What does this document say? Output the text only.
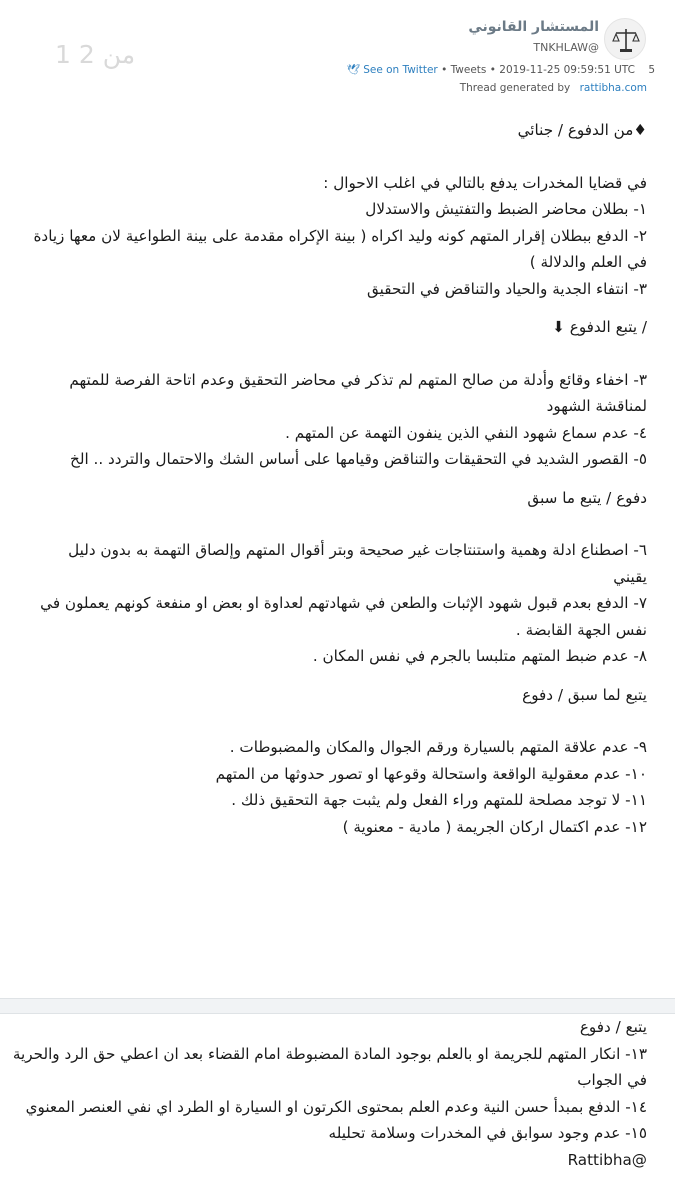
1 من 2
المستشار القانوني
TNKHLAW@
🕊 See on Twitter • Tweets • 2019-11-25 09:59:51 UTC 5
Thread generated by rattibha.com
♦من الدفوع / جنائي
في قضايا المخدرات يدفع بالتالي في اغلب الاحوال :
١- بطلان محاضر الضبط والتفتيش والاستدلال
٢- الدفع ببطلان إقرار المتهم كونه وليد اكراه ( بينة الإكراه مقدمة على بينة الطواعية لان معها زيادة في العلم والدلالة )
٣- انتفاء الجدية والحياد والتناقض في التحقيق
/ يتبع الدفوع ⬇
٣- اخفاء وقائع وأدلة من صالح المتهم لم تذكر في محاضر التحقيق وعدم اتاحة الفرصة للمتهم لمناقشة الشهود
٤- عدم سماع شهود النفي الذين ينفون التهمة عن المتهم .
٥- القصور الشديد في التحقيقات والتناقض وقيامها على أساس الشك والاحتمال والتردد .. الخ
دفوع / يتبع ما سبق
٦- اصطناع ادلة وهمية واستنتاجات غير صحيحة وبتر أقوال المتهم وإلصاق التهمة به بدون دليل يقيني
٧- الدفع بعدم قبول شهود الإثبات والطعن في شهادتهم لعداوة او بعض او منفعة كونهم يعملون في نفس الجهة القابضة .
٨- عدم ضبط المتهم متلبسا بالجرم في نفس المكان .
يتبع لما سبق / دفوع
٩- عدم علاقة المتهم بالسيارة ورقم الجوال والمكان والمضبوطات .
١٠- عدم معقولية الواقعة واستحالة وقوعها او تصور حدوثها من المتهم
١١- لا توجد مصلحة للمتهم وراء الفعل ولم يثبت جهة التحقيق ذلك .
١٢- عدم اكتمال اركان الجريمة ( مادية - معنوية )
يتبع / دفوع
١٣- انكار المتهم للجريمة او بالعلم بوجود المادة المضبوطة امام القضاء بعد ان اعطي حق الرد والحرية في الجواب
١٤- الدفع بمبدأ حسن النية وعدم العلم بمحتوى الكرتون او السيارة او الطرد اي نفي العنصر المعنوي
١٥- عدم وجود سوابق في المخدرات وسلامة تحليله
Rattibha@
